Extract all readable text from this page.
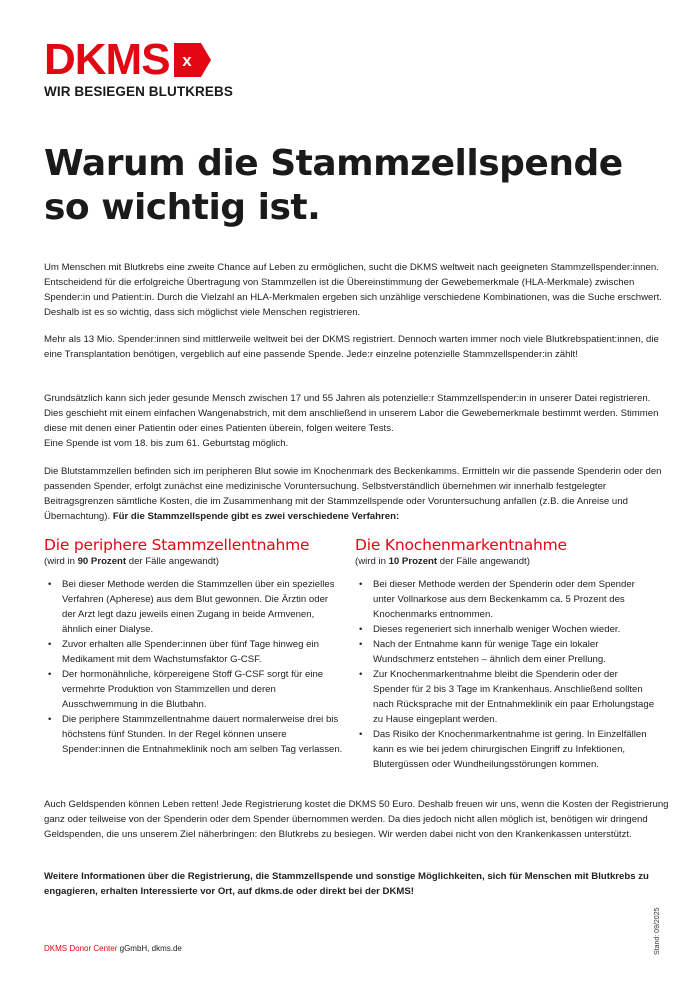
DKMS x
WIR BESIEGEN BLUTKREBS
Warum die Stammzellspende
so wichtig ist.

Um Menschen mit Blutkrebs eine zweite Chance auf Leben zu ermöglichen, sucht die DKMS weltweit nach geeigneten Stammzellspender:innen. Entscheidend für die erfolgreiche Übertragung von Stammzellen ist die Übereinstimmung der Gewebemerkmale (HLA-Merkmale) zwischen Spender:in und Patient:in. Durch die Vielzahl an HLA-Merkmalen ergeben sich unzählige verschiedene Kombinationen, was die Suche erschwert. Deshalb ist es so wichtig, dass sich möglichst viele Menschen registrieren.

Mehr als 13 Mio. Spender:innen sind mittlerweile weltweit bei der DKMS registriert. Dennoch warten immer noch viele Blutkrebspatient:innen, die eine Transplantation benötigen, vergeblich auf eine passende Spende. Jede:r einzelne potenzielle Stammzellspender:in zählt!

Grundsätzlich kann sich jeder gesunde Mensch zwischen 17 und 55 Jahren als potenzielle:r Stammzellspender:in in unserer Datei registrieren. Dies geschieht mit einem einfachen Wangenabstrich, mit dem anschließend in unserem Labor die Gewebemerkmale bestimmt werden. Stimmen diese mit denen einer Patientin oder eines Patienten überein, folgen weitere Tests.
Eine Spende ist vom 18. bis zum 61. Geburtstag möglich.

Die Blutstammzellen befinden sich im peripheren Blut sowie im Knochenmark des Beckenkamms. Ermitteln wir die passende Spenderin oder den passenden Spender, erfolgt zunächst eine medizinische Voruntersuchung. Selbstverständlich übernehmen wir innerhalb festgelegter Beitragsgrenzen sämtliche Kosten, die im Zusammenhang mit der Stammzellspende oder Voruntersuchung anfallen (z.B. die Anreise und Übernachtung). Für die Stammzellspende gibt es zwei verschiedene Verfahren:

Die periphere Stammzellentnahme
(wird in 90 Prozent der Fälle angewandt)
• Bei dieser Methode werden die Stammzellen über ein spezielles Verfahren (Apherese) aus dem Blut gewonnen. Die Ärztin oder der Arzt legt dazu jeweils einen Zugang in beide Armvenen, ähnlich einer Dialyse.
• Zuvor erhalten alle Spender:innen über fünf Tage hinweg ein Medikament mit dem Wachstumsfaktor G-CSF.
• Der hormonähnliche, körpereigene Stoff G-CSF sorgt für eine vermehrte Produktion von Stammzellen und deren Ausschwemmung in die Blutbahn.
• Die periphere Stammzellentnahme dauert normalerweise drei bis höchstens fünf Stunden. In der Regel können unsere Spender:innen die Entnahmeklinik noch am selben Tag verlassen.
Die Knochenmarkentnahme
(wird in 10 Prozent der Fälle angewandt)
• Bei dieser Methode werden der Spenderin oder dem Spender unter Vollnarkose aus dem Beckenkamm ca. 5 Prozent des Knochenmarks entnommen.
• Dieses regeneriert sich innerhalb weniger Wochen wieder.
• Nach der Entnahme kann für wenige Tage ein lokaler Wundschmerz entstehen – ähnlich dem einer Prellung.
• Zur Knochenmarkentnahme bleibt die Spenderin oder der Spender für 2 bis 3 Tage im Krankenhaus. Anschließend sollten nach Rücksprache mit der Entnahmeklinik ein paar Erholungstage zu Hause eingeplant werden.
• Das Risiko der Knochenmarkentnahme ist gering. In Einzelfällen kann es wie bei jedem chirurgischen Eingriff zu Infektionen, Blutergüssen oder Wundheilungsstörungen kommen.

Auch Geldspenden können Leben retten! Jede Registrierung kostet die DKMS 50 Euro. Deshalb freuen wir uns, wenn die Kosten der Registrierung ganz oder teilweise von der Spenderin oder dem Spender übernommen werden. Da dies jedoch nicht allen möglich ist, benötigen wir dringend Geldspenden, die uns unserem Ziel näherbringen: den Blutkrebs zu besiegen. Wir werden dabei nicht von den Krankenkassen unterstützt.

Weitere Informationen über die Registrierung, die Stammzellspende und sonstige Möglichkeiten, sich für Menschen mit Blutkrebs zu engagieren, erhalten Interessierte vor Ort, auf dkms.de oder direkt bei der DKMS!

DKMS Donor Center gGmbH, dkms.de	Stand: 09/2025
